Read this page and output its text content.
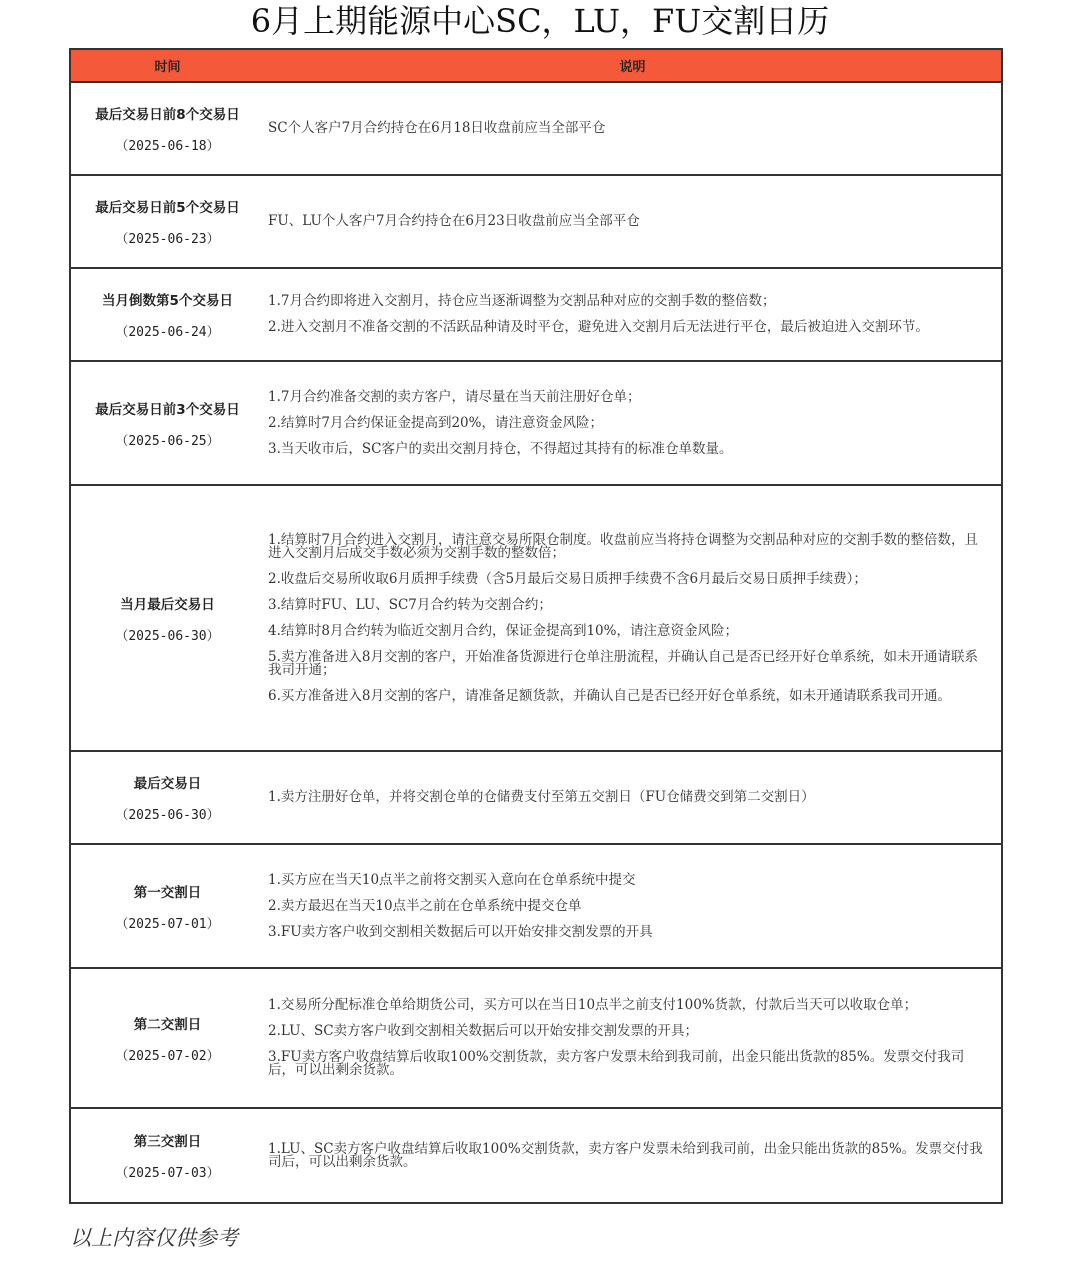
6月上期能源中心SC，LU，FU交割日历
时间	说明
最后交易日前8个交易日
（2025-06-18）
SC个人客户7月合约持仓在6月18日收盘前应当全部平仓
最后交易日前5个交易日
（2025-06-23）
FU、LU个人客户7月合约持仓在6月23日收盘前应当全部平仓
当月倒数第5个交易日
（2025-06-24）
1.7月合约即将进入交割月，持仓应当逐渐调整为交割品种对应的交割手数的整倍数；
2.进入交割月不准备交割的不活跃品种请及时平仓，避免进入交割月后无法进行平仓，最后被迫进入交割环节。
最后交易日前3个交易日
（2025-06-25）
1.7月合约准备交割的卖方客户，请尽量在当天前注册好仓单；
2.结算时7月合约保证金提高到20%，请注意资金风险；
3.当天收市后，SC客户的卖出交割月持仓，不得超过其持有的标准仓单数量。
当月最后交易日
（2025-06-30）
1.结算时7月合约进入交割月，请注意交易所限仓制度。收盘前应当将持仓调整为交割品种对应的交割手数的整倍数，且进入交割月后成交手数必须为交割手数的整数倍；
2.收盘后交易所收取6月质押手续费（含5月最后交易日质押手续费不含6月最后交易日质押手续费）；
3.结算时FU、LU、SC7月合约转为交割合约；
4.结算时8月合约转为临近交割月合约，保证金提高到10%，请注意资金风险；
5.卖方准备进入8月交割的客户，开始准备货源进行仓单注册流程，并确认自己是否已经开好仓单系统，如未开通请联系我司开通；
6.买方准备进入8月交割的客户，请准备足额货款，并确认自己是否已经开好仓单系统，如未开通请联系我司开通。
最后交易日
（2025-06-30）
1.卖方注册好仓单，并将交割仓单的仓储费支付至第五交割日（FU仓储费交到第二交割日）
第一交割日
（2025-07-01）
1.买方应在当天10点半之前将交割买入意向在仓单系统中提交
2.卖方最迟在当天10点半之前在仓单系统中提交仓单
3.FU卖方客户收到交割相关数据后可以开始安排交割发票的开具
第二交割日
（2025-07-02）
1.交易所分配标准仓单给期货公司，买方可以在当日10点半之前支付100%货款，付款后当天可以收取仓单；
2.LU、SC卖方客户收到交割相关数据后可以开始安排交割发票的开具；
3.FU卖方客户收盘结算后收取100%交割货款，卖方客户发票未给到我司前，出金只能出货款的85%。发票交付我司后，可以出剩余货款。
第三交割日
（2025-07-03）
1.LU、SC卖方客户收盘结算后收取100%交割货款，卖方客户发票未给到我司前，出金只能出货款的85%。发票交付我司后，可以出剩余货款。
以上内容仅供参考
